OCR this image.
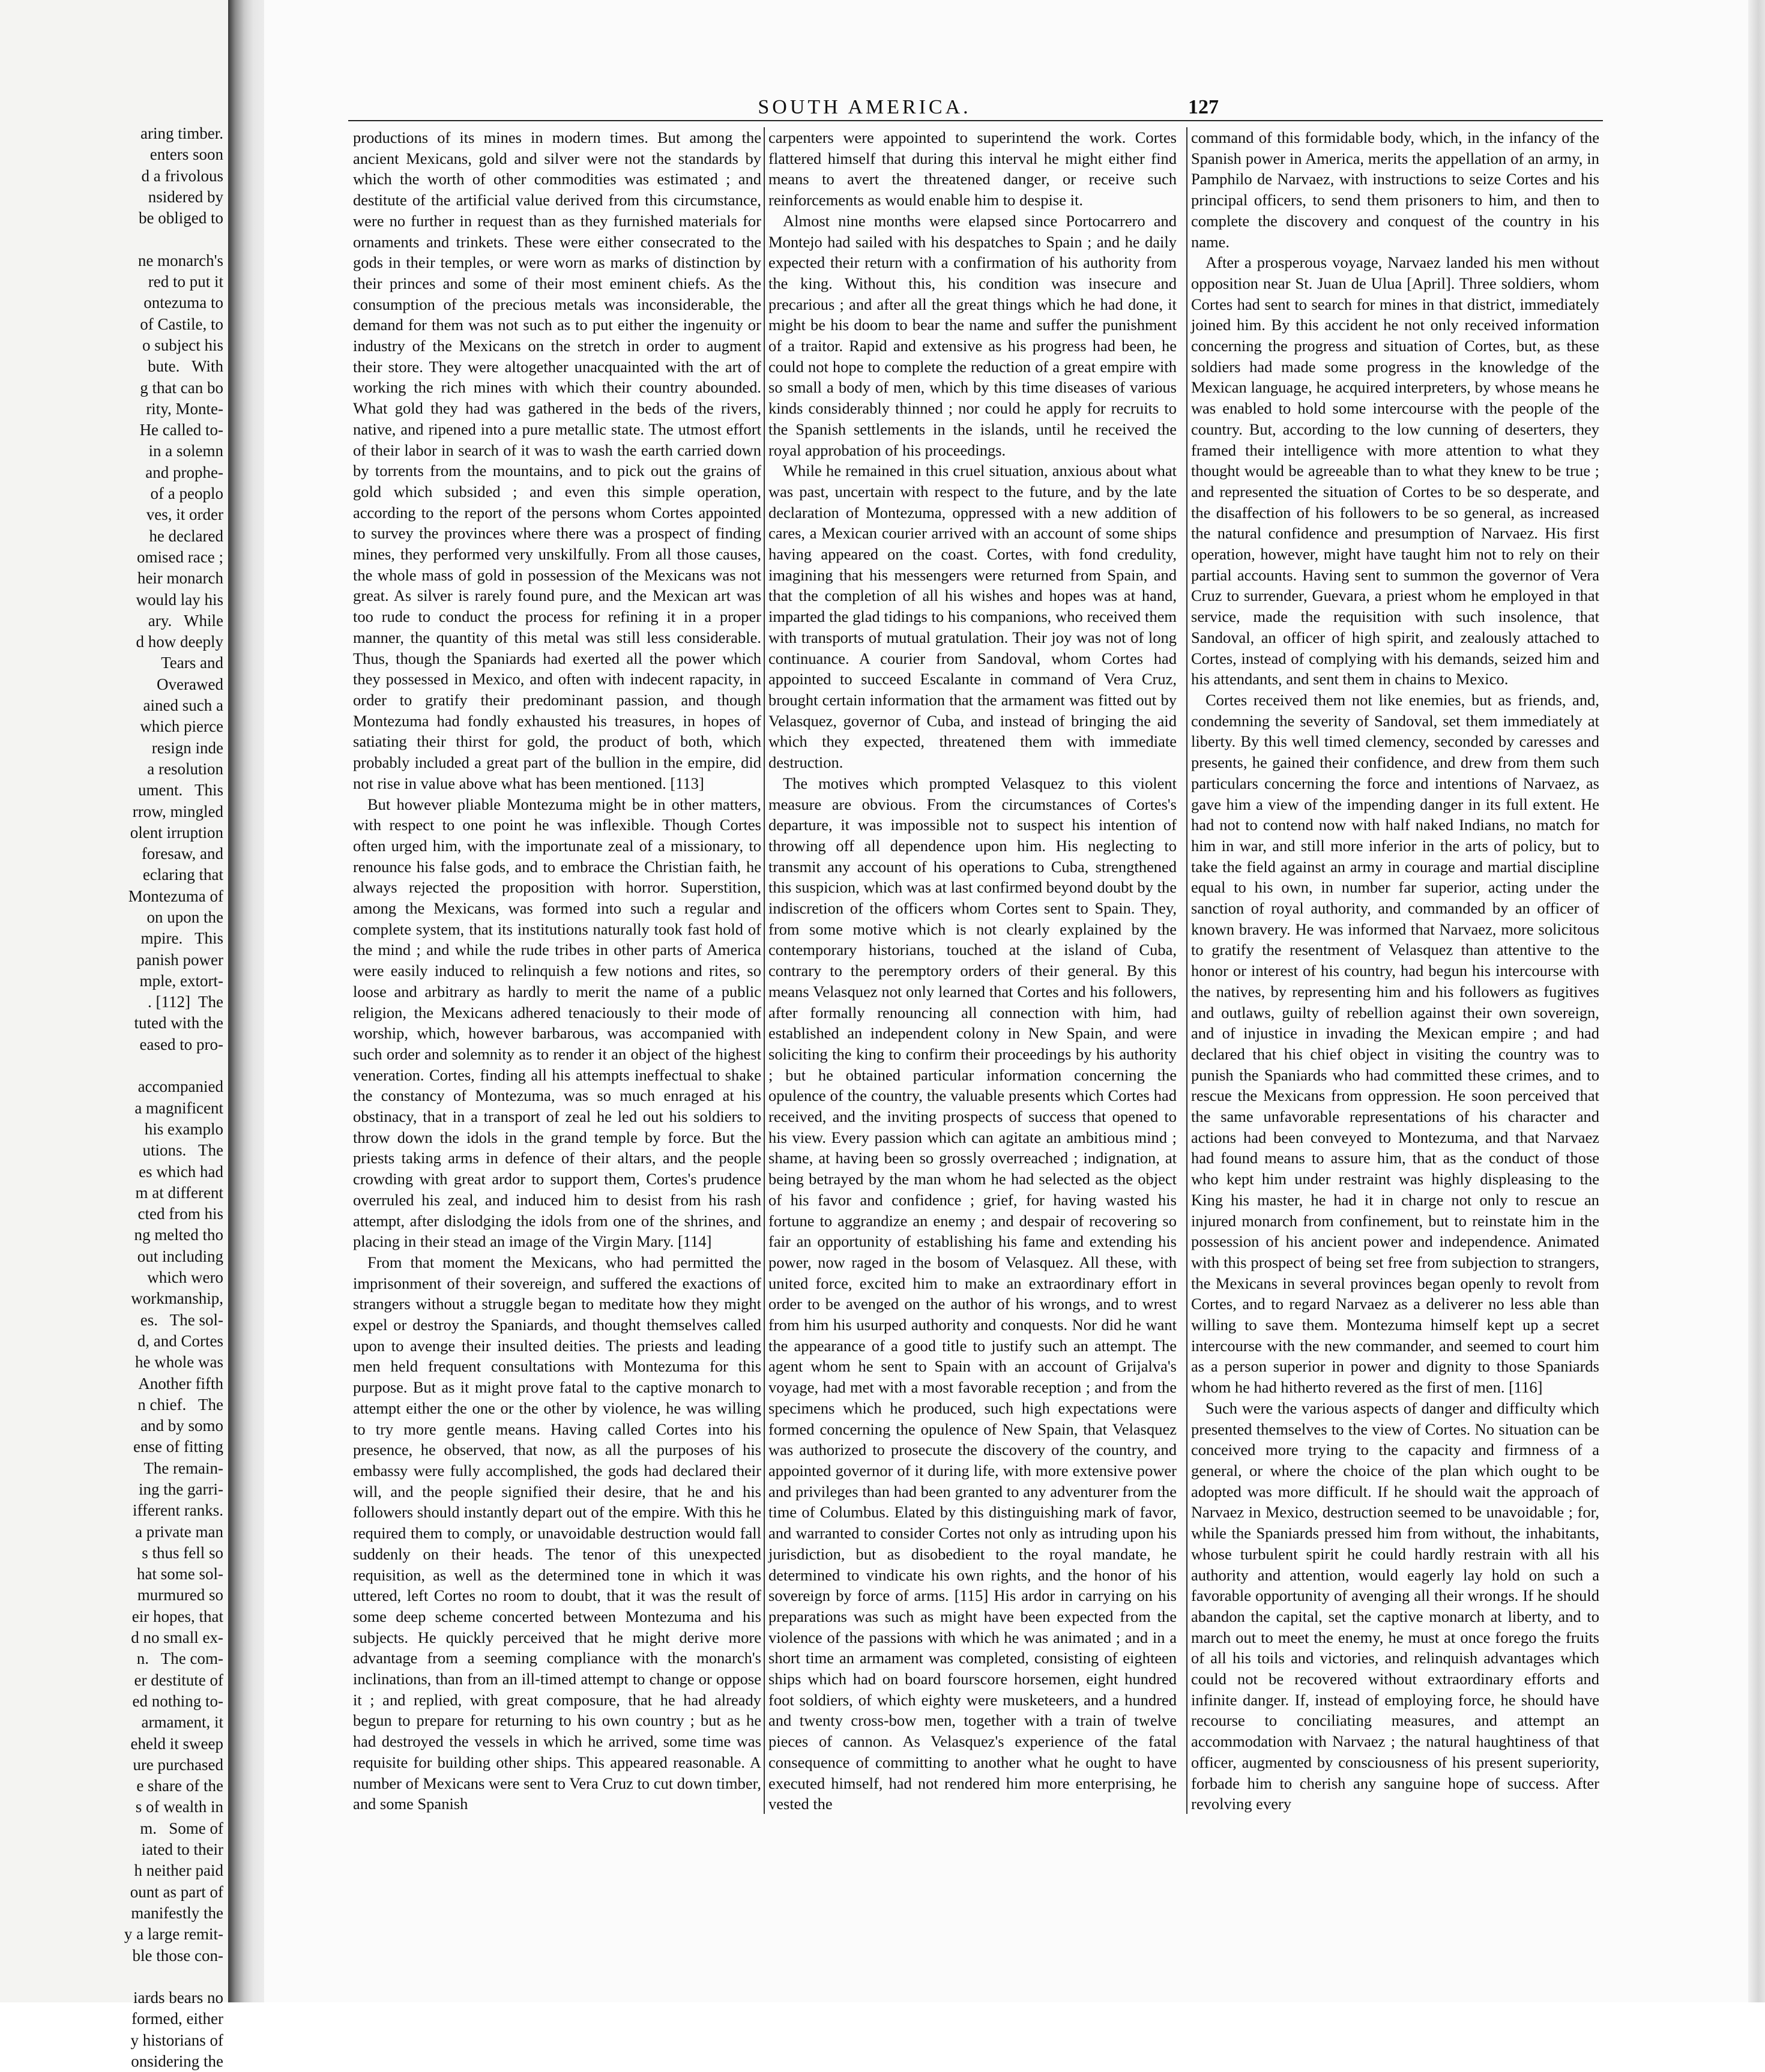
aring timber.
enters soon
d a frivolous
nsidered by
be obliged to
ne monarch's
red to put it
ontezuma to
of Castile, to
o subject his
bute.   With
g that can bo
rity, Monte-
He called to-
in a solemn
and prophe-
of a peoplo
ves, it order
he declared
omised race ;
heir monarch
would lay his
ary.   While
d how deeply
Tears and
Overawed
ained such a
which pierce
resign inde
a resolution
ument.   This
rrow, mingled
olent irruption
foresaw, and
eclaring that
Montezuma of
on upon the
mpire.   This
panish power
mple, extort-
. [112]  The
tuted with the
eased to pro-
accompanied
a magnificent
his examplo
utions.   The
es which had
m at different
cted from his
ng melted tho
out including
which wero
workmanship,
es.   The sol-
d, and Cortes
he whole was
Another fifth
n chief.   The
and by somo
ense of fitting
The remain-
ing the garri-
ifferent ranks.
a private man
s thus fell so
hat some sol-
murmured so
eir hopes, that
d no small ex-
n.   The com-
er destitute of
ed nothing to-
armament, it
eheld it sweep
ure purchased
e share of the
s of wealth in
m.   Some of
iated to their
h neither paid
ount as part of
manifestly the
y a large remit-
ble those con-
iards bears no
formed, either
y historians of
onsidering the
SOUTH AMERICA.	127

productions of its mines in modern times. But among the ancient Mexicans, gold and silver were not the standards by which the worth of other commodities was estimated ; and destitute of the artificial value derived from this circumstance, were no further in request than as they furnished materials for ornaments and trinkets. These were either consecrated to the gods in their temples, or were worn as marks of distinction by their princes and some of their most eminent chiefs. As the consumption of the precious metals was inconsiderable, the demand for them was not such as to put either the ingenuity or industry of the Mexicans on the stretch in order to augment their store. They were altogether unacquainted with the art of working the rich mines with which their country abounded. What gold they had was gathered in the beds of the rivers, native, and ripened into a pure metallic state. The utmost effort of their labor in search of it was to wash the earth carried down by torrents from the mountains, and to pick out the grains of gold which subsided ; and even this simple operation, according to the report of the persons whom Cortes appointed to survey the provinces where there was a prospect of finding mines, they performed very unskilfully. From all those causes, the whole mass of gold in possession of the Mexicans was not great. As silver is rarely found pure, and the Mexican art was too rude to conduct the process for refining it in a proper manner, the quantity of this metal was still less considerable. Thus, though the Spaniards had exerted all the power which they possessed in Mexico, and often with indecent rapacity, in order to gratify their predominant passion, and though Montezuma had fondly exhausted his treasures, in hopes of satiating their thirst for gold, the product of both, which probably included a great part of the bullion in the empire, did not rise in value above what has been mentioned. [113]

But however pliable Montezuma might be in other matters, with respect to one point he was inflexible. Though Cortes often urged him, with the importunate zeal of a missionary, to renounce his false gods, and to embrace the Christian faith, he always rejected the proposition with horror. Superstition, among the Mexicans, was formed into such a regular and complete system, that its institutions naturally took fast hold of the mind ; and while the rude tribes in other parts of America were easily induced to relinquish a few notions and rites, so loose and arbitrary as hardly to merit the name of a public religion, the Mexicans adhered tenaciously to their mode of worship, which, however barbarous, was accompanied with such order and solemnity as to render it an object of the highest veneration. Cortes, finding all his attempts ineffectual to shake the constancy of Montezuma, was so much enraged at his obstinacy, that in a transport of zeal he led out his soldiers to throw down the idols in the grand temple by force. But the priests taking arms in defence of their altars, and the people crowding with great ardor to support them, Cortes's prudence overruled his zeal, and induced him to desist from his rash attempt, after dislodging the idols from one of the shrines, and placing in their stead an image of the Virgin Mary. [114]

From that moment the Mexicans, who had permitted the imprisonment of their sovereign, and suffered the exactions of strangers without a struggle began to meditate how they might expel or destroy the Spaniards, and thought themselves called upon to avenge their insulted deities. The priests and leading men held frequent consultations with Montezuma for this purpose. But as it might prove fatal to the captive monarch to attempt either the one or the other by violence, he was willing to try more gentle means. Having called Cortes into his presence, he observed, that now, as all the purposes of his embassy were fully accomplished, the gods had declared their will, and the people signified their desire, that he and his followers should instantly depart out of the empire. With this he required them to comply, or unavoidable destruction would fall suddenly on their heads. The tenor of this unexpected requisition, as well as the determined tone in which it was uttered, left Cortes no room to doubt, that it was the result of some deep scheme concerted between Montezuma and his subjects. He quickly perceived that he might derive more advantage from a seeming compliance with the monarch's inclinations, than from an ill-timed attempt to change or oppose it ; and replied, with great composure, that he had already begun to prepare for returning to his own country ; but as he had destroyed the vessels in which he arrived, some time was requisite for building other ships. This appeared reasonable. A number of Mexicans were sent to Vera Cruz to cut down timber, and some Spanish

carpenters were appointed to superintend the work. Cortes flattered himself that during this interval he might either find means to avert the threatened danger, or receive such reinforcements as would enable him to despise it.

Almost nine months were elapsed since Portocarrero and Montejo had sailed with his despatches to Spain ; and he daily expected their return with a confirmation of his authority from the king. Without this, his condition was insecure and precarious ; and after all the great things which he had done, it might be his doom to bear the name and suffer the punishment of a traitor. Rapid and extensive as his progress had been, he could not hope to complete the reduction of a great empire with so small a body of men, which by this time diseases of various kinds considerably thinned ; nor could he apply for recruits to the Spanish settlements in the islands, until he received the royal approbation of his proceedings.

While he remained in this cruel situation, anxious about what was past, uncertain with respect to the future, and by the late declaration of Montezuma, oppressed with a new addition of cares, a Mexican courier arrived with an account of some ships having appeared on the coast. Cortes, with fond credulity, imagining that his messengers were returned from Spain, and that the completion of all his wishes and hopes was at hand, imparted the glad tidings to his companions, who received them with transports of mutual gratulation. Their joy was not of long continuance. A courier from Sandoval, whom Cortes had appointed to succeed Escalante in command of Vera Cruz, brought certain information that the armament was fitted out by Velasquez, governor of Cuba, and instead of bringing the aid which they expected, threatened them with immediate destruction.

The motives which prompted Velasquez to this violent measure are obvious. From the circumstances of Cortes's departure, it was impossible not to suspect his intention of throwing off all dependence upon him. His neglecting to transmit any account of his operations to Cuba, strengthened this suspicion, which was at last confirmed beyond doubt by the indiscretion of the officers whom Cortes sent to Spain. They, from some motive which is not clearly explained by the contemporary historians, touched at the island of Cuba, contrary to the peremptory orders of their general. By this means Velasquez not only learned that Cortes and his followers, after formally renouncing all connection with him, had established an independent colony in New Spain, and were soliciting the king to confirm their proceedings by his authority ; but he obtained particular information concerning the opulence of the country, the valuable presents which Cortes had received, and the inviting prospects of success that opened to his view. Every passion which can agitate an ambitious mind ; shame, at having been so grossly overreached ; indignation, at being betrayed by the man whom he had selected as the object of his favor and confidence ; grief, for having wasted his fortune to aggrandize an enemy ; and despair of recovering so fair an opportunity of establishing his fame and extending his power, now raged in the bosom of Velasquez. All these, with united force, excited him to make an extraordinary effort in order to be avenged on the author of his wrongs, and to wrest from him his usurped authority and conquests. Nor did he want the appearance of a good title to justify such an attempt. The agent whom he sent to Spain with an account of Grijalva's voyage, had met with a most favorable reception ; and from the specimens which he produced, such high expectations were formed concerning the opulence of New Spain, that Velasquez was authorized to prosecute the discovery of the country, and appointed governor of it during life, with more extensive power and privileges than had been granted to any adventurer from the time of Columbus. Elated by this distinguishing mark of favor, and warranted to consider Cortes not only as intruding upon his jurisdiction, but as disobedient to the royal mandate, he determined to vindicate his own rights, and the honor of his sovereign by force of arms. [115] His ardor in carrying on his preparations was such as might have been expected from the violence of the passions with which he was animated ; and in a short time an armament was completed, consisting of eighteen ships which had on board fourscore horsemen, eight hundred foot soldiers, of which eighty were musketeers, and a hundred and twenty cross-bow men, together with a train of twelve pieces of cannon. As Velasquez's experience of the fatal consequence of committing to another what he ought to have executed himself, had not rendered him more enterprising, he vested the

command of this formidable body, which, in the infancy of the Spanish power in America, merits the appellation of an army, in Pamphilo de Narvaez, with instructions to seize Cortes and his principal officers, to send them prisoners to him, and then to complete the discovery and conquest of the country in his name.

After a prosperous voyage, Narvaez landed his men without opposition near St. Juan de Ulua [April]. Three soldiers, whom Cortes had sent to search for mines in that district, immediately joined him. By this accident he not only received information concerning the progress and situation of Cortes, but, as these soldiers had made some progress in the knowledge of the Mexican language, he acquired interpreters, by whose means he was enabled to hold some intercourse with the people of the country. But, according to the low cunning of deserters, they framed their intelligence with more attention to what they thought would be agreeable than to what they knew to be true ; and represented the situation of Cortes to be so desperate, and the disaffection of his followers to be so general, as increased the natural confidence and presumption of Narvaez. His first operation, however, might have taught him not to rely on their partial accounts. Having sent to summon the governor of Vera Cruz to surrender, Guevara, a priest whom he employed in that service, made the requisition with such insolence, that Sandoval, an officer of high spirit, and zealously attached to Cortes, instead of complying with his demands, seized him and his attendants, and sent them in chains to Mexico.

Cortes received them not like enemies, but as friends, and, condemning the severity of Sandoval, set them immediately at liberty. By this well timed clemency, seconded by caresses and presents, he gained their confidence, and drew from them such particulars concerning the force and intentions of Narvaez, as gave him a view of the impending danger in its full extent. He had not to contend now with half naked Indians, no match for him in war, and still more inferior in the arts of policy, but to take the field against an army in courage and martial discipline equal to his own, in number far superior, acting under the sanction of royal authority, and commanded by an officer of known bravery. He was informed that Narvaez, more solicitous to gratify the resentment of Velasquez than attentive to the honor or interest of his country, had begun his intercourse with the natives, by representing him and his followers as fugitives and outlaws, guilty of rebellion against their own sovereign, and of injustice in invading the Mexican empire ; and had declared that his chief object in visiting the country was to punish the Spaniards who had committed these crimes, and to rescue the Mexicans from oppression. He soon perceived that the same unfavorable representations of his character and actions had been conveyed to Montezuma, and that Narvaez had found means to assure him, that as the conduct of those who kept him under restraint was highly displeasing to the King his master, he had it in charge not only to rescue an injured monarch from confinement, but to reinstate him in the possession of his ancient power and independence. Animated with this prospect of being set free from subjection to strangers, the Mexicans in several provinces began openly to revolt from Cortes, and to regard Narvaez as a deliverer no less able than willing to save them. Montezuma himself kept up a secret intercourse with the new commander, and seemed to court him as a person superior in power and dignity to those Spaniards whom he had hitherto revered as the first of men. [116]

Such were the various aspects of danger and difficulty which presented themselves to the view of Cortes. No situation can be conceived more trying to the capacity and firmness of a general, or where the choice of the plan which ought to be adopted was more difficult. If he should wait the approach of Narvaez in Mexico, destruction seemed to be unavoidable ; for, while the Spaniards pressed him from without, the inhabitants, whose turbulent spirit he could hardly restrain with all his authority and attention, would eagerly lay hold on such a favorable opportunity of avenging all their wrongs. If he should abandon the capital, set the captive monarch at liberty, and to march out to meet the enemy, he must at once forego the fruits of all his toils and victories, and relinquish advantages which could not be recovered without extraordinary efforts and infinite danger. If, instead of employing force, he should have recourse to conciliating measures, and attempt an accommodation with Narvaez ; the natural haughtiness of that officer, augmented by consciousness of his present superiority, forbade him to cherish any sanguine hope of success. After revolving every
